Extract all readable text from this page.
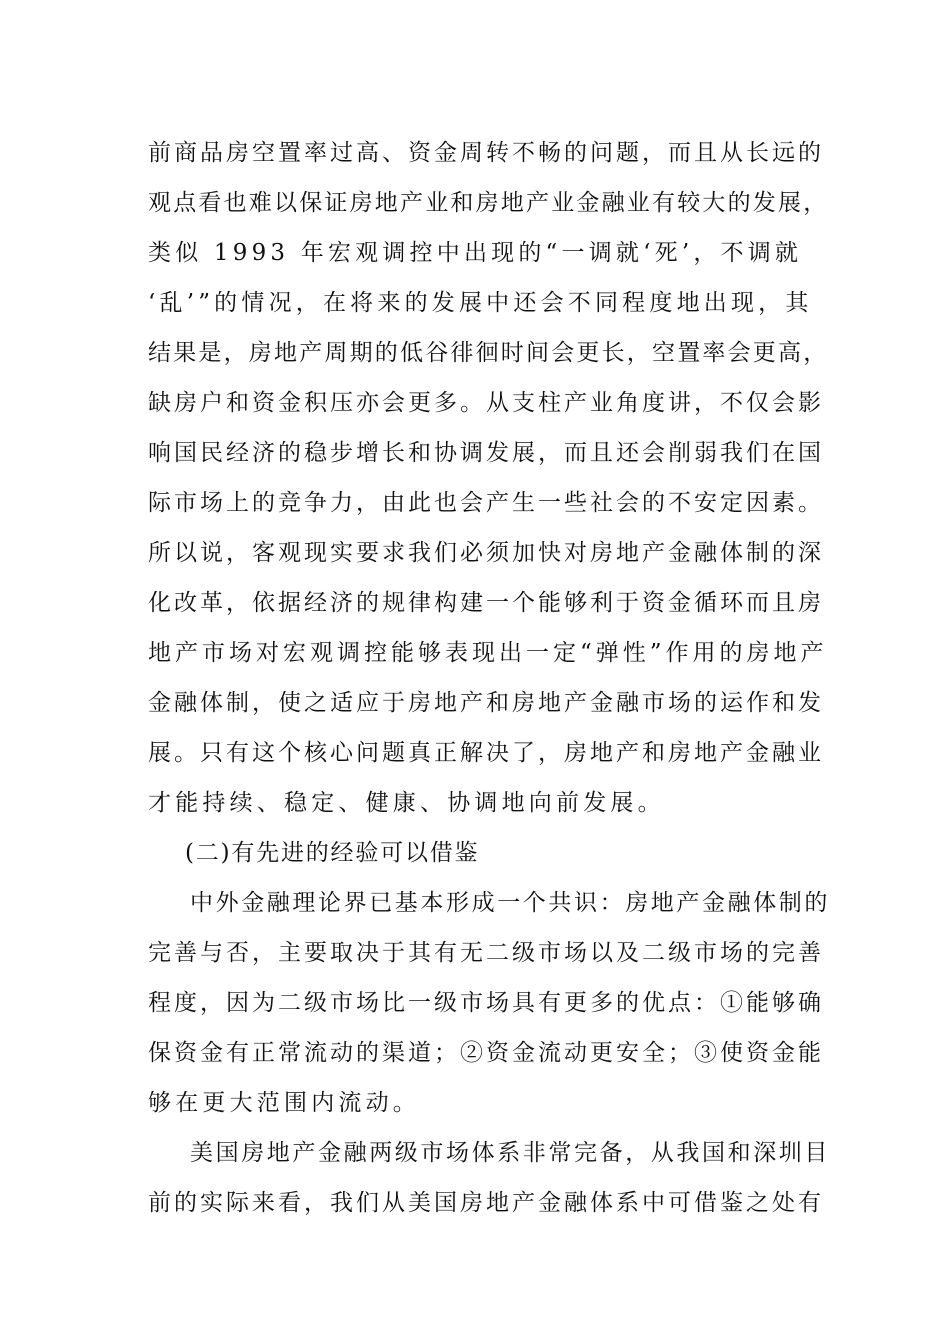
前商品房空置率过高、资金周转不畅的问题，而且从长远的
观点看也难以保证房地产业和房地产业金融业有较大的发展，
类似 1993 年宏观调控中出现的“一调就‘死’，不调就
‘乱’”的情况，在将来的发展中还会不同程度地出现，其
结果是，房地产周期的低谷徘徊时间会更长，空置率会更高，
缺房户和资金积压亦会更多。从支柱产业角度讲，不仅会影
响国民经济的稳步增长和协调发展，而且还会削弱我们在国
际市场上的竞争力，由此也会产生一些社会的不安定因素。
所以说，客观现实要求我们必须加快对房地产金融体制的深
化改革，依据经济的规律构建一个能够利于资金循环而且房
地产市场对宏观调控能够表现出一定“弹性”作用的房地产
金融体制，使之适应于房地产和房地产金融市场的运作和发
展。只有这个核心问题真正解决了，房地产和房地产金融业
才能持续、稳定、健康、协调地向前发展。
(二)有先进的经验可以借鉴
中外金融理论界已基本形成一个共识：房地产金融体制的
完善与否，主要取决于其有无二级市场以及二级市场的完善
程度，因为二级市场比一级市场具有更多的优点：①能够确
保资金有正常流动的渠道；②资金流动更安全；③使资金能
够在更大范围内流动。
美国房地产金融两级市场体系非常完备，从我国和深圳目
前的实际来看，我们从美国房地产金融体系中可借鉴之处有
